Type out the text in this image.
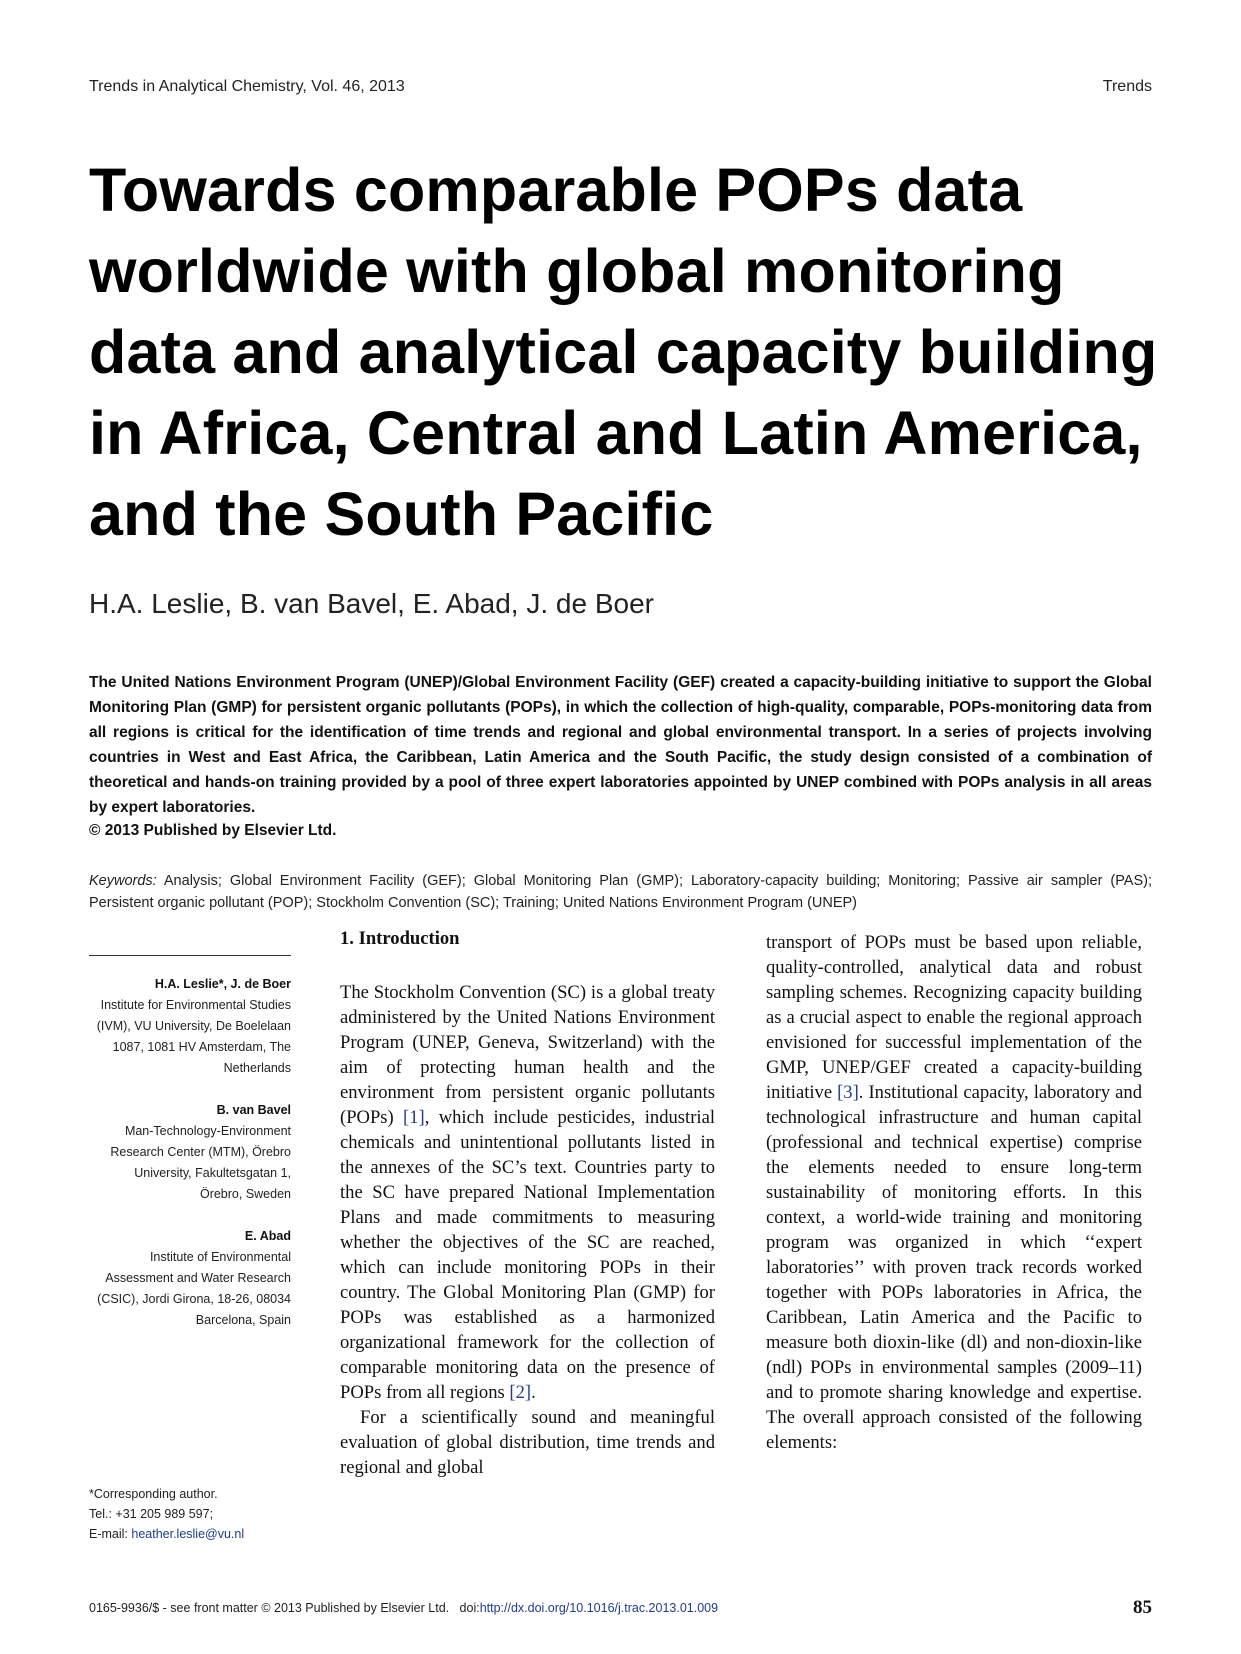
Trends in Analytical Chemistry, Vol. 46, 2013	Trends
Towards comparable POPs data worldwide with global monitoring data and analytical capacity building in Africa, Central and Latin America, and the South Pacific
H.A. Leslie, B. van Bavel, E. Abad, J. de Boer

The United Nations Environment Program (UNEP)/Global Environment Facility (GEF) created a capacity-building initiative to support the Global Monitoring Plan (GMP) for persistent organic pollutants (POPs), in which the collection of high-quality, comparable, POPs-monitoring data from all regions is critical for the identification of time trends and regional and global environmental transport. In a series of projects involving countries in West and East Africa, the Caribbean, Latin America and the South Pacific, the study design consisted of a combination of theoretical and hands-on training provided by a pool of three expert laboratories appointed by UNEP combined with POPs analysis in all areas by expert laboratories.

© 2013 Published by Elsevier Ltd.

Keywords: Analysis; Global Environment Facility (GEF); Global Monitoring Plan (GMP); Laboratory-capacity building; Monitoring; Passive air sampler (PAS); Persistent organic pollutant (POP); Stockholm Convention (SC); Training; United Nations Environment Program (UNEP)

H.A. Leslie*, J. de Boer
Institute for Environmental Studies (IVM), VU University, De Boelelaan 1087, 1081 HV Amsterdam, The Netherlands
B. van Bavel
Man-Technology-Environment Research Center (MTM), Örebro University, Fakultetsgatan 1, Örebro, Sweden
E. Abad
Institute of Environmental Assessment and Water Research (CSIC), Jordi Girona, 18-26, 08034 Barcelona, Spain
*Corresponding author.
Tel.: +31 205 989 597;
E-mail: heather.leslie@vu.nl
1. Introduction

The Stockholm Convention (SC) is a global treaty administered by the United Nations Environment Program (UNEP, Geneva, Switzerland) with the aim of protecting human health and the environment from persistent organic pollutants (POPs) [1], which include pesticides, industrial chemicals and unintentional pollutants listed in the annexes of the SC’s text. Countries party to the SC have prepared National Implementation Plans and made commitments to measuring whether the objectives of the SC are reached, which can include monitoring POPs in their country. The Global Monitoring Plan (GMP) for POPs was established as a harmonized organizational framework for the collection of comparable monitoring data on the presence of POPs from all regions [2].

For a scientifically sound and meaningful evaluation of global distribution, time trends and regional and global

transport of POPs must be based upon reliable, quality-controlled, analytical data and robust sampling schemes. Recognizing capacity building as a crucial aspect to enable the regional approach envisioned for successful implementation of the GMP, UNEP/GEF created a capacity-building initiative [3]. Institutional capacity, laboratory and technological infrastructure and human capital (professional and technical expertise) comprise the elements needed to ensure long-term sustainability of monitoring efforts. In this context, a world-wide training and monitoring program was organized in which ‘‘expert laboratories’’ with proven track records worked together with POPs laboratories in Africa, the Caribbean, Latin America and the Pacific to measure both dioxin-like (dl) and non-dioxin-like (ndl) POPs in environmental samples (2009–11) and to promote sharing knowledge and expertise. The overall approach consisted of the following elements:

0165-9936/$ - see front matter © 2013 Published by Elsevier Ltd. doi:http://dx.doi.org/10.1016/j.trac.2013.01.009	85
